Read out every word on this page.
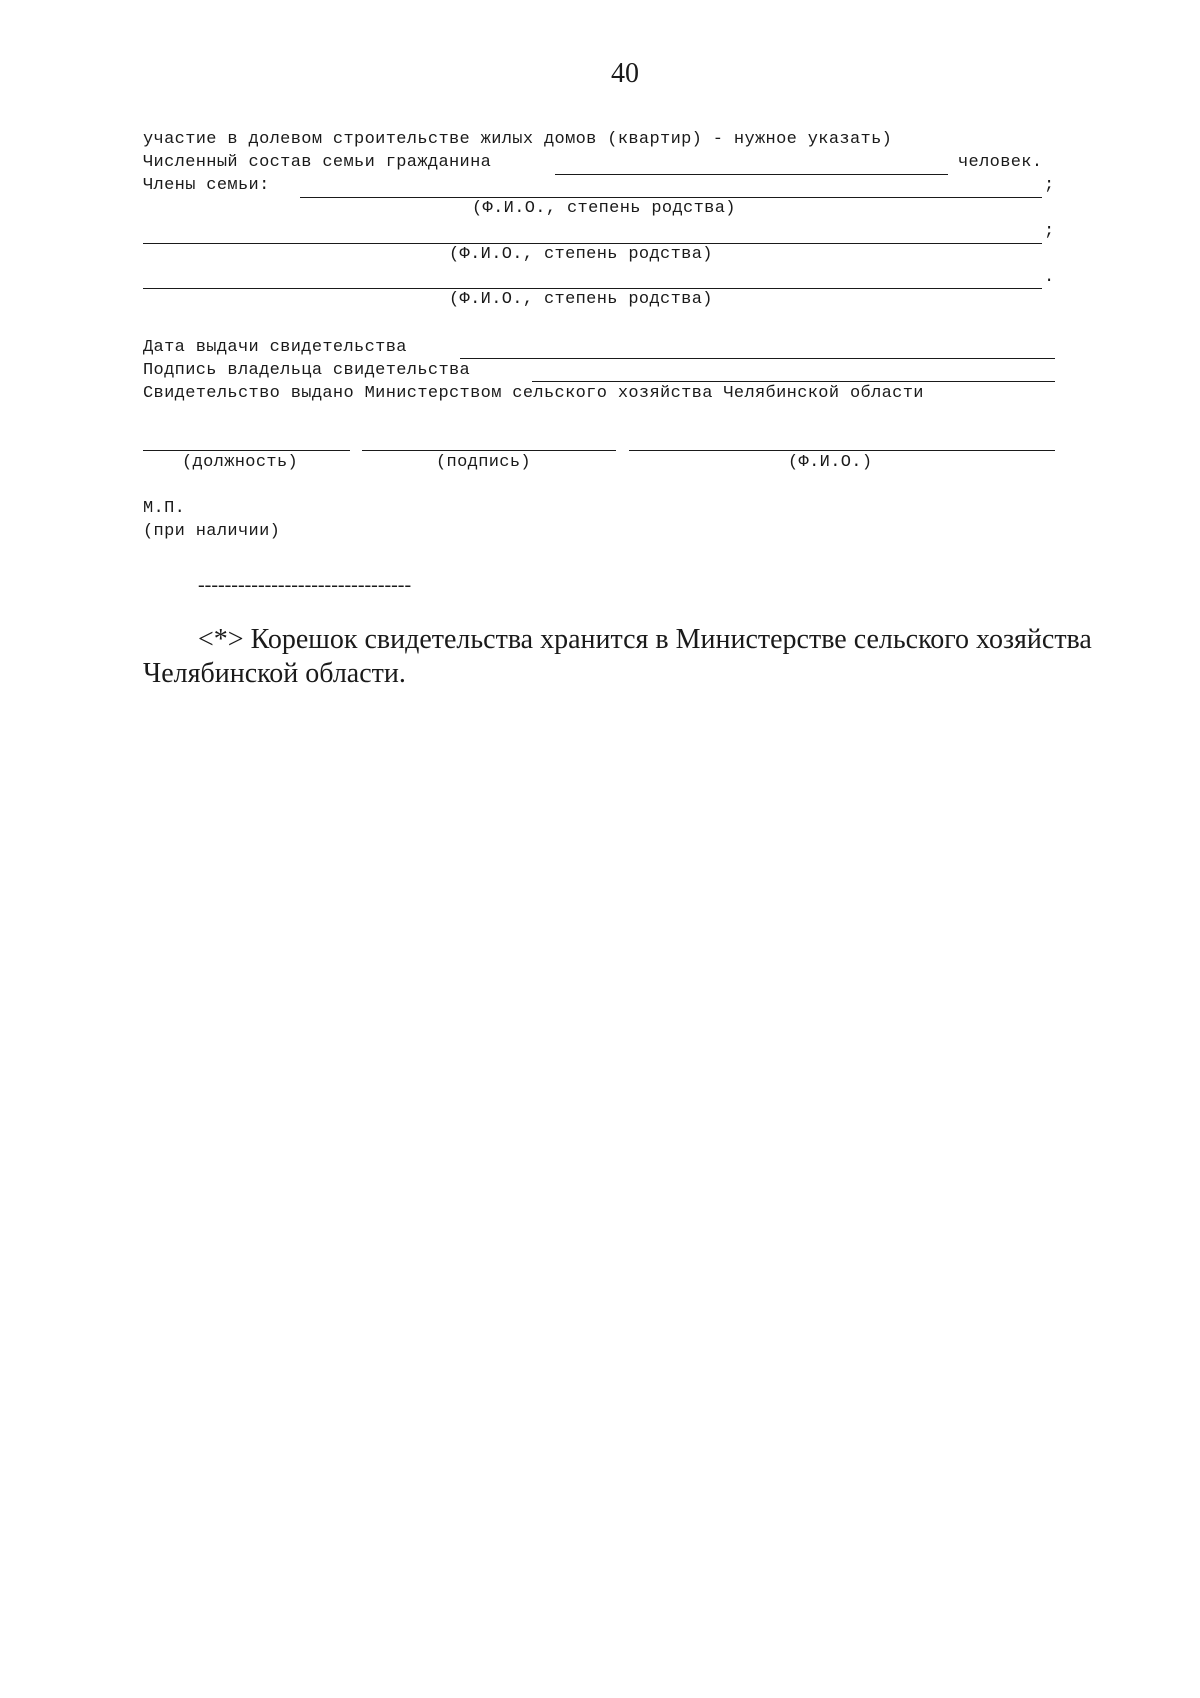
40
участие в долевом строительстве жилых домов (квартир) - нужное указать)
Численный состав семьи гражданина	человек.
Члены семьи:	;
(Ф.И.О., степень родства)
;
(Ф.И.О., степень родства)
.
(Ф.И.О., степень родства)
Дата выдачи свидетельства
Подпись владельца свидетельства
Свидетельство выдано Министерством сельского хозяйства Челябинской области
(должность)	(подпись)	(Ф.И.О.)
М.П.
(при наличии)
--------------------------------
<*> Корешок свидетельства хранится в Министерстве сельского хозяйства
Челябинской области.
